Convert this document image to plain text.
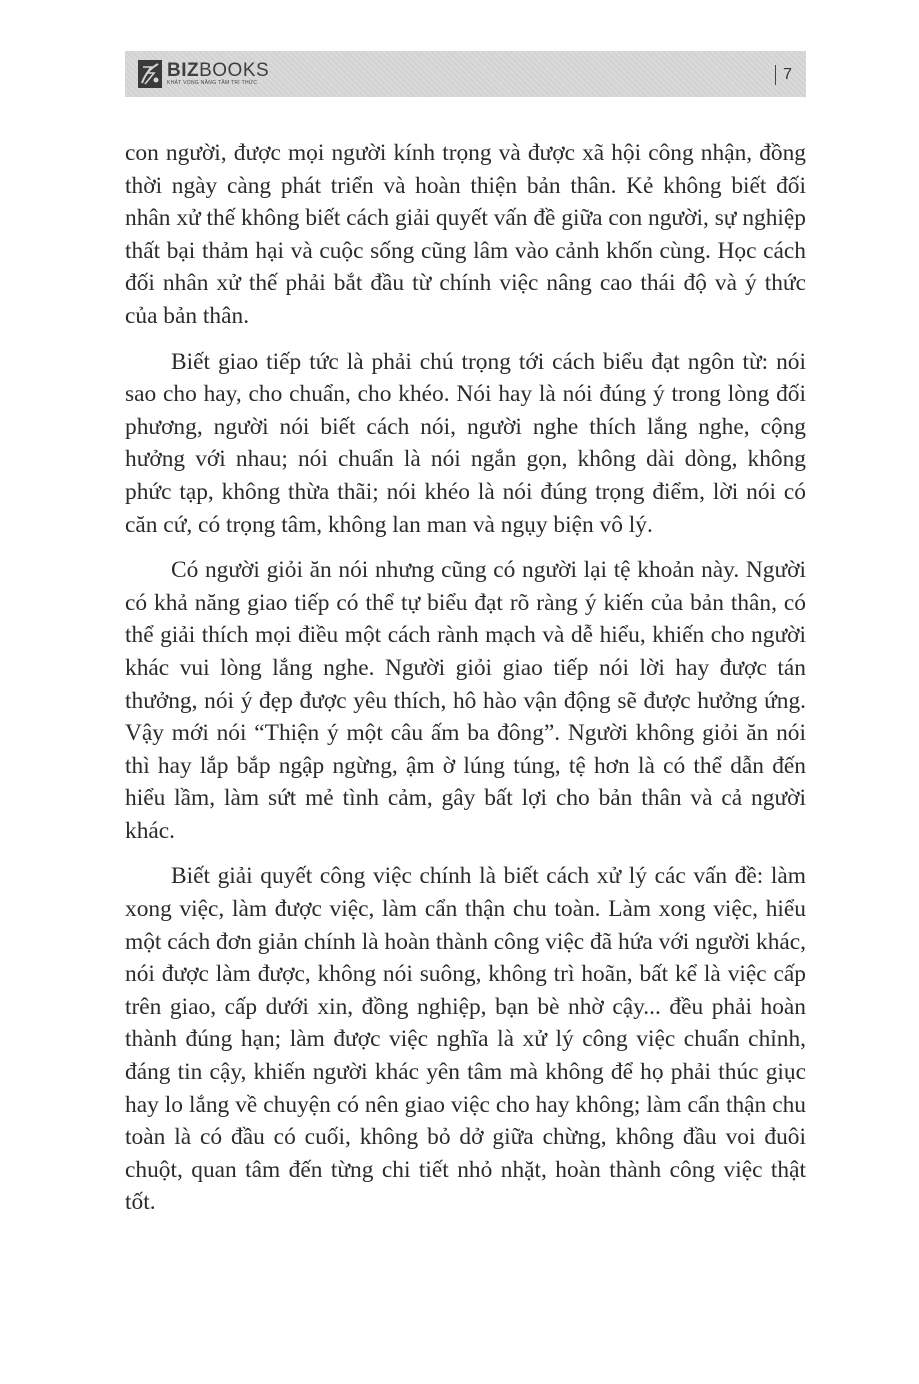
BIZBOOKS
KHÁT VỌNG NÂNG TẦM TRI THỨC	7

con người, được mọi người kính trọng và được xã hội công nhận, đồng thời ngày càng phát triển và hoàn thiện bản thân. Kẻ không biết đối nhân xử thế không biết cách giải quyết vấn đề giữa con người, sự nghiệp thất bại thảm hại và cuộc sống cũng lâm vào cảnh khốn cùng. Học cách đối nhân xử thế phải bắt đầu từ chính việc nâng cao thái độ và ý thức của bản thân.

Biết giao tiếp tức là phải chú trọng tới cách biểu đạt ngôn từ: nói sao cho hay, cho chuẩn, cho khéo. Nói hay là nói đúng ý trong lòng đối phương, người nói biết cách nói, người nghe thích lắng nghe, cộng hưởng với nhau; nói chuẩn là nói ngắn gọn, không dài dòng, không phức tạp, không thừa thãi; nói khéo là nói đúng trọng điểm, lời nói có căn cứ, có trọng tâm, không lan man và ngụy biện vô lý.

Có người giỏi ăn nói nhưng cũng có người lại tệ khoản này. Người có khả năng giao tiếp có thể tự biểu đạt rõ ràng ý kiến của bản thân, có thể giải thích mọi điều một cách rành mạch và dễ hiểu, khiến cho người khác vui lòng lắng nghe. Người giỏi giao tiếp nói lời hay được tán thưởng, nói ý đẹp được yêu thích, hô hào vận động sẽ được hưởng ứng. Vậy mới nói “Thiện ý một câu ấm ba đông”. Người không giỏi ăn nói thì hay lắp bắp ngập ngừng, ậm ờ lúng túng, tệ hơn là có thể dẫn đến hiểu lầm, làm sứt mẻ tình cảm, gây bất lợi cho bản thân và cả người khác.

Biết giải quyết công việc chính là biết cách xử lý các vấn đề: làm xong việc, làm được việc, làm cẩn thận chu toàn. Làm xong việc, hiểu một cách đơn giản chính là hoàn thành công việc đã hứa với người khác, nói được làm được, không nói suông, không trì hoãn, bất kể là việc cấp trên giao, cấp dưới xin, đồng nghiệp, bạn bè nhờ cậy... đều phải hoàn thành đúng hạn; làm được việc nghĩa là xử lý công việc chuẩn chỉnh, đáng tin cậy, khiến người khác yên tâm mà không để họ phải thúc giục hay lo lắng về chuyện có nên giao việc cho hay không; làm cẩn thận chu toàn là có đầu có cuối, không bỏ dở giữa chừng, không đầu voi đuôi chuột, quan tâm đến từng chi tiết nhỏ nhặt, hoàn thành công việc thật tốt.
